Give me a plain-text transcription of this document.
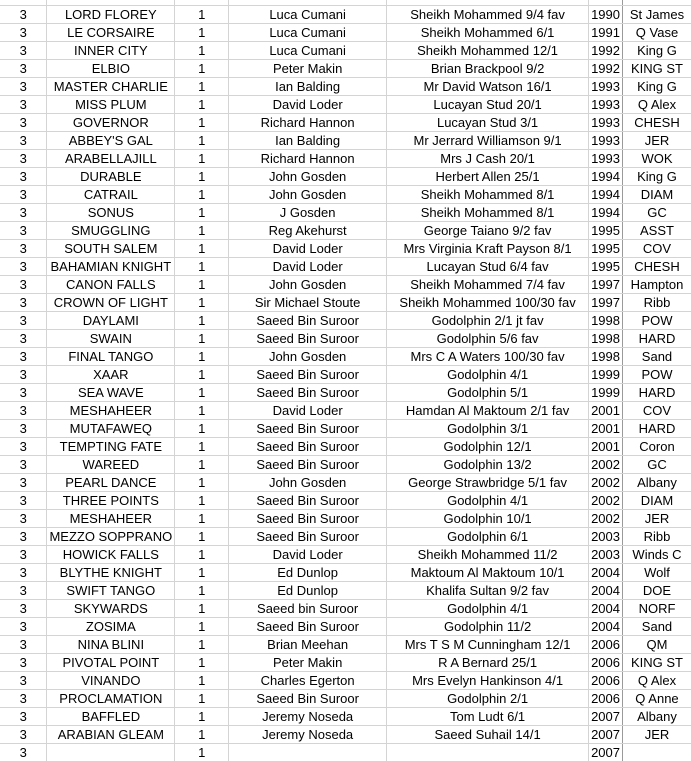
3	LORD FLOREY	1	Luca Cumani	Sheikh Mohammed 9/4 fav	1990	St James
3	LE CORSAIRE	1	Luca Cumani	Sheikh Mohammed 6/1	1991	Q Vase
3	INNER CITY	1	Luca Cumani	Sheikh Mohammed 12/1	1992	King G
3	ELBIO	1	Peter Makin	Brian Brackpool 9/2	1992	KING ST
3	MASTER CHARLIE	1	Ian Balding	Mr David Watson 16/1	1993	King G
3	MISS PLUM	1	David Loder	Lucayan Stud 20/1	1993	Q Alex
3	GOVERNOR	1	Richard Hannon	Lucayan Stud 3/1	1993	CHESH
3	ABBEY'S GAL	1	Ian Balding	Mr Jerrard Williamson 9/1	1993	JER
3	ARABELLAJILL	1	Richard Hannon	Mrs J Cash 20/1	1993	WOK
3	DURABLE	1	John Gosden	Herbert Allen 25/1	1994	King G
3	CATRAIL	1	John Gosden	Sheikh Mohammed 8/1	1994	DIAM
3	SONUS	1	J Gosden	Sheikh Mohammed 8/1	1994	GC
3	SMUGGLING	1	Reg Akehurst	George Taiano 9/2 fav	1995	ASST
3	SOUTH SALEM	1	David Loder	Mrs Virginia Kraft Payson 8/1	1995	COV
3	BAHAMIAN KNIGHT	1	David Loder	Lucayan Stud 6/4 fav	1995	CHESH
3	CANON FALLS	1	John Gosden	Sheikh Mohammed 7/4 fav	1997	Hampton
3	CROWN OF LIGHT	1	Sir Michael Stoute	Sheikh Mohammed 100/30 fav	1997	Ribb
3	DAYLAMI	1	Saeed Bin Suroor	Godolphin 2/1 jt fav	1998	POW
3	SWAIN	1	Saeed Bin Suroor	Godolphin 5/6 fav	1998	HARD
3	FINAL TANGO	1	John Gosden	Mrs C A Waters 100/30 fav	1998	Sand
3	XAAR	1	Saeed Bin Suroor	Godolphin 4/1	1999	POW
3	SEA WAVE	1	Saeed Bin Suroor	Godolphin 5/1	1999	HARD
3	MESHAHEER	1	David Loder	Hamdan Al Maktoum 2/1 fav	2001	COV
3	MUTAFAWEQ	1	Saeed Bin Suroor	Godolphin 3/1	2001	HARD
3	TEMPTING FATE	1	Saeed Bin Suroor	Godolphin 12/1	2001	Coron
3	WAREED	1	Saeed Bin Suroor	Godolphin 13/2	2002	GC
3	PEARL DANCE	1	John Gosden	George Strawbridge 5/1 fav	2002	Albany
3	THREE POINTS	1	Saeed Bin Suroor	Godolphin 4/1	2002	DIAM
3	MESHAHEER	1	Saeed Bin Suroor	Godolphin 10/1	2002	JER
3	MEZZO SOPPRANO	1	Saeed Bin Suroor	Godolphin 6/1	2003	Ribb
3	HOWICK FALLS	1	David Loder	Sheikh Mohammed 11/2	2003	Winds C
3	BLYTHE KNIGHT	1	Ed Dunlop	Maktoum Al Maktoum 10/1	2004	Wolf
3	SWIFT TANGO	1	Ed Dunlop	Khalifa Sultan 9/2 fav	2004	DOE
3	SKYWARDS	1	Saeed bin Suroor	Godolphin 4/1	2004	NORF
3	ZOSIMA	1	Saeed Bin Suroor	Godolphin 11/2	2004	Sand
3	NINA BLINI	1	Brian Meehan	Mrs T S M Cunningham 12/1	2006	QM
3	PIVOTAL POINT	1	Peter Makin	R A Bernard 25/1	2006	KING ST
3	VINANDO	1	Charles Egerton	Mrs Evelyn Hankinson 4/1	2006	Q Alex
3	PROCLAMATION	1	Saeed Bin Suroor	Godolphin 2/1	2006	Q Anne
3	BAFFLED	1	Jeremy Noseda	Tom Ludt 6/1	2007	Albany
3	ARABIAN GLEAM	1	Jeremy Noseda	Saeed Suhail 14/1	2007	JER
3		1			2007	
